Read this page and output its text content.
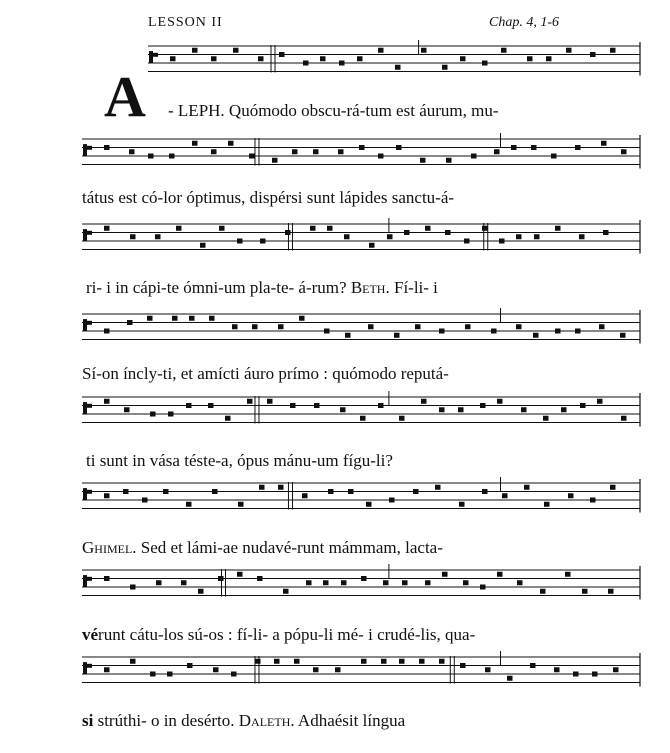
LESSON II	Chap. 4, 1-6
A - LEPH. Quómodo obscu-rá-tum est áurum, mu-
tátus est có-lor óptimus, dispérsi sunt lápides sanctu-á-
ri- i in cápi-te ómni-um pla-te- á-rum? Beth. Fí-li- i
Sí-on íncly-ti, et amícti áuro prímo : quómodo reputá-
ti sunt in vása téste-a, ópus mánu-um fígu-li?
Ghimel. Sed et lámi-ae nudavé-runt mámmam, lacta-
vérunt cátu-los sú-os : fí-li- a pópu-li mé- i crudé-lis, qua-
si strúthi- o in desérto. Daleth. Adhaésit língua
